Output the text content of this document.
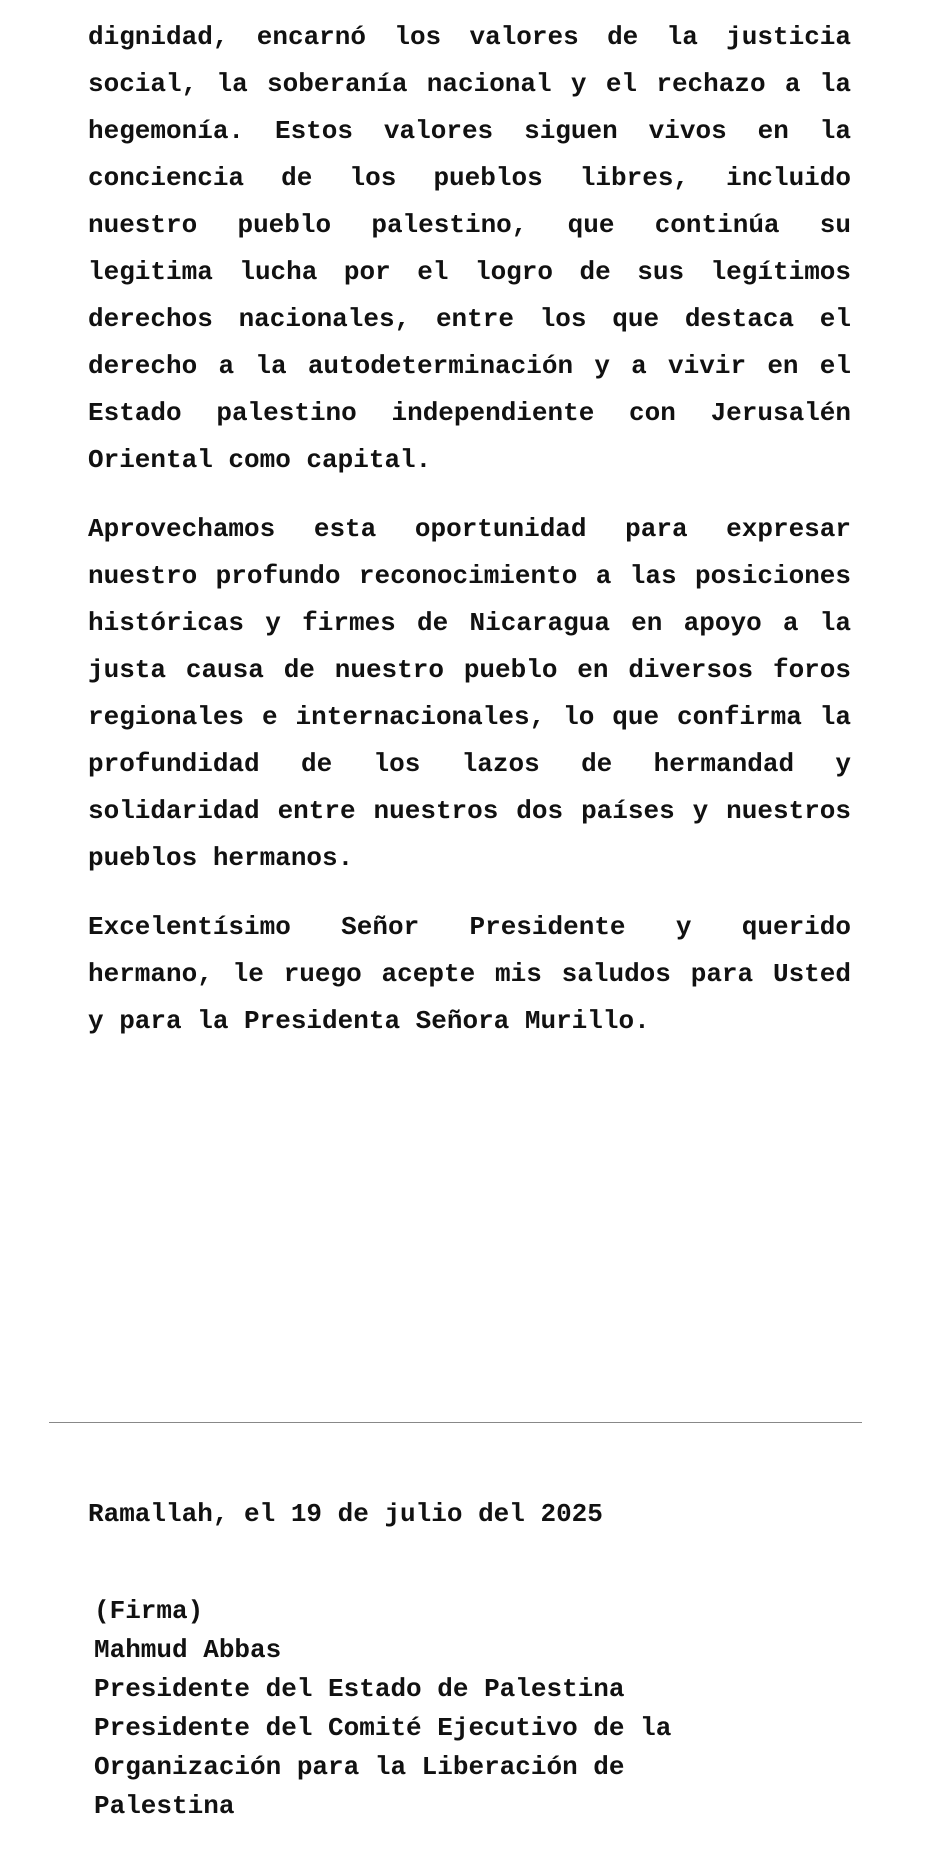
dignidad, encarnó los valores de la justicia social, la soberanía nacional y el rechazo a la hegemonía. Estos valores siguen vivos en la conciencia de los pueblos libres, incluido nuestro pueblo palestino, que continúa su legitima lucha por el logro de sus legítimos derechos nacionales, entre los que destaca el derecho a la autodeterminación y a vivir en el Estado palestino independiente con Jerusalén Oriental como capital.

Aprovechamos esta oportunidad para expresar nuestro profundo reconocimiento a las posiciones históricas y firmes de Nicaragua en apoyo a la justa causa de nuestro pueblo en diversos foros regionales e internacionales, lo que confirma la profundidad de los lazos de hermandad y solidaridad entre nuestros dos países y nuestros pueblos hermanos.

Excelentísimo Señor Presidente y querido hermano, le ruego acepte mis saludos para Usted y para la Presidenta Señora Murillo.

Ramallah, el 19 de julio del 2025
(Firma)
Mahmud Abbas
Presidente del Estado de Palestina
Presidente del Comité Ejecutivo de la
Organización para la Liberación de
Palestina
